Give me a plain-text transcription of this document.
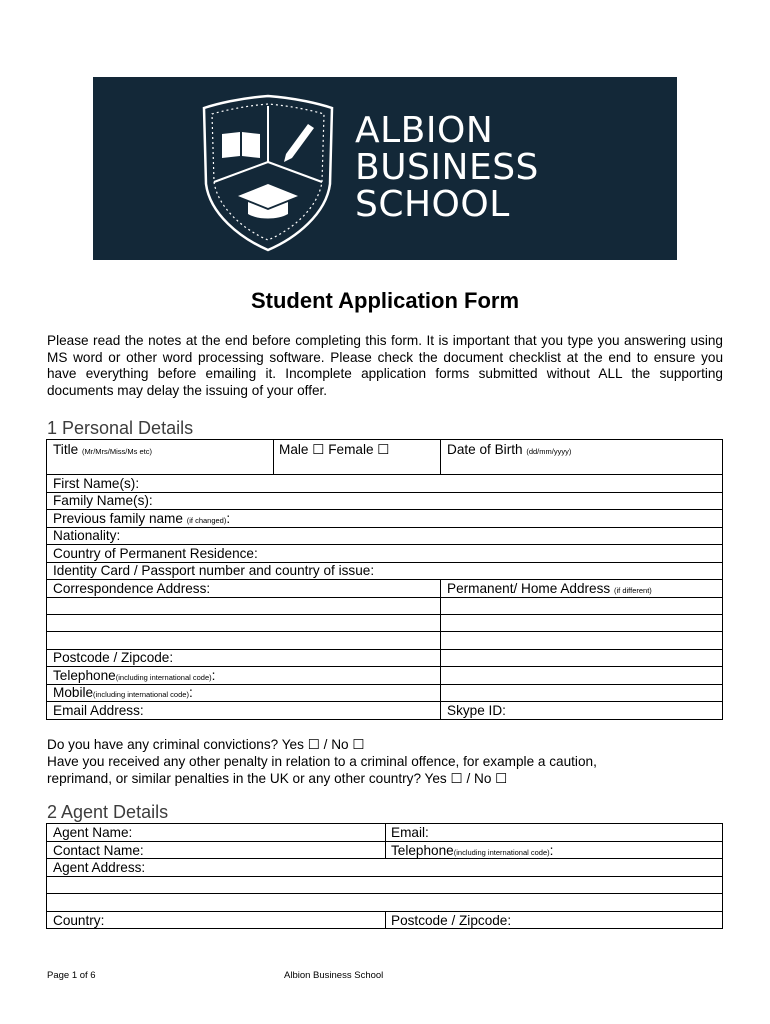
ALBION
BUSINESS
SCHOOL
Student Application Form
Please read the notes at the end before completing this form. It is important that you type you answering using MS word or other word processing software. Please check the document checklist at the end to ensure you have everything before emailing it. Incomplete application forms submitted without ALL the supporting documents may delay the issuing of your offer.
1 Personal Details
Title (Mr/Mrs/Miss/Ms etc)	Male ☐ Female ☐	Date of Birth (dd/mm/yyyy)
First Name(s):
Family Name(s):
Previous family name (if changed):
Nationality:
Country of Permanent Residence:
Identity Card / Passport number and country of issue:
Correspondence Address:	Permanent/ Home Address (if different)
Postcode / Zipcode:
Telephone(including international code):
Mobile(including international code):
Email Address:	Skype ID:
Do you have any criminal convictions? Yes ☐ / No ☐
Have you received any other penalty in relation to a criminal offence, for example a caution,
reprimand, or similar penalties in the UK or any other country? Yes ☐ / No ☐
2 Agent Details
Agent Name:	Email:
Contact Name:	Telephone(including international code):
Agent Address:
Country:	Postcode / Zipcode:
Page 1 of 6	Albion Business School
